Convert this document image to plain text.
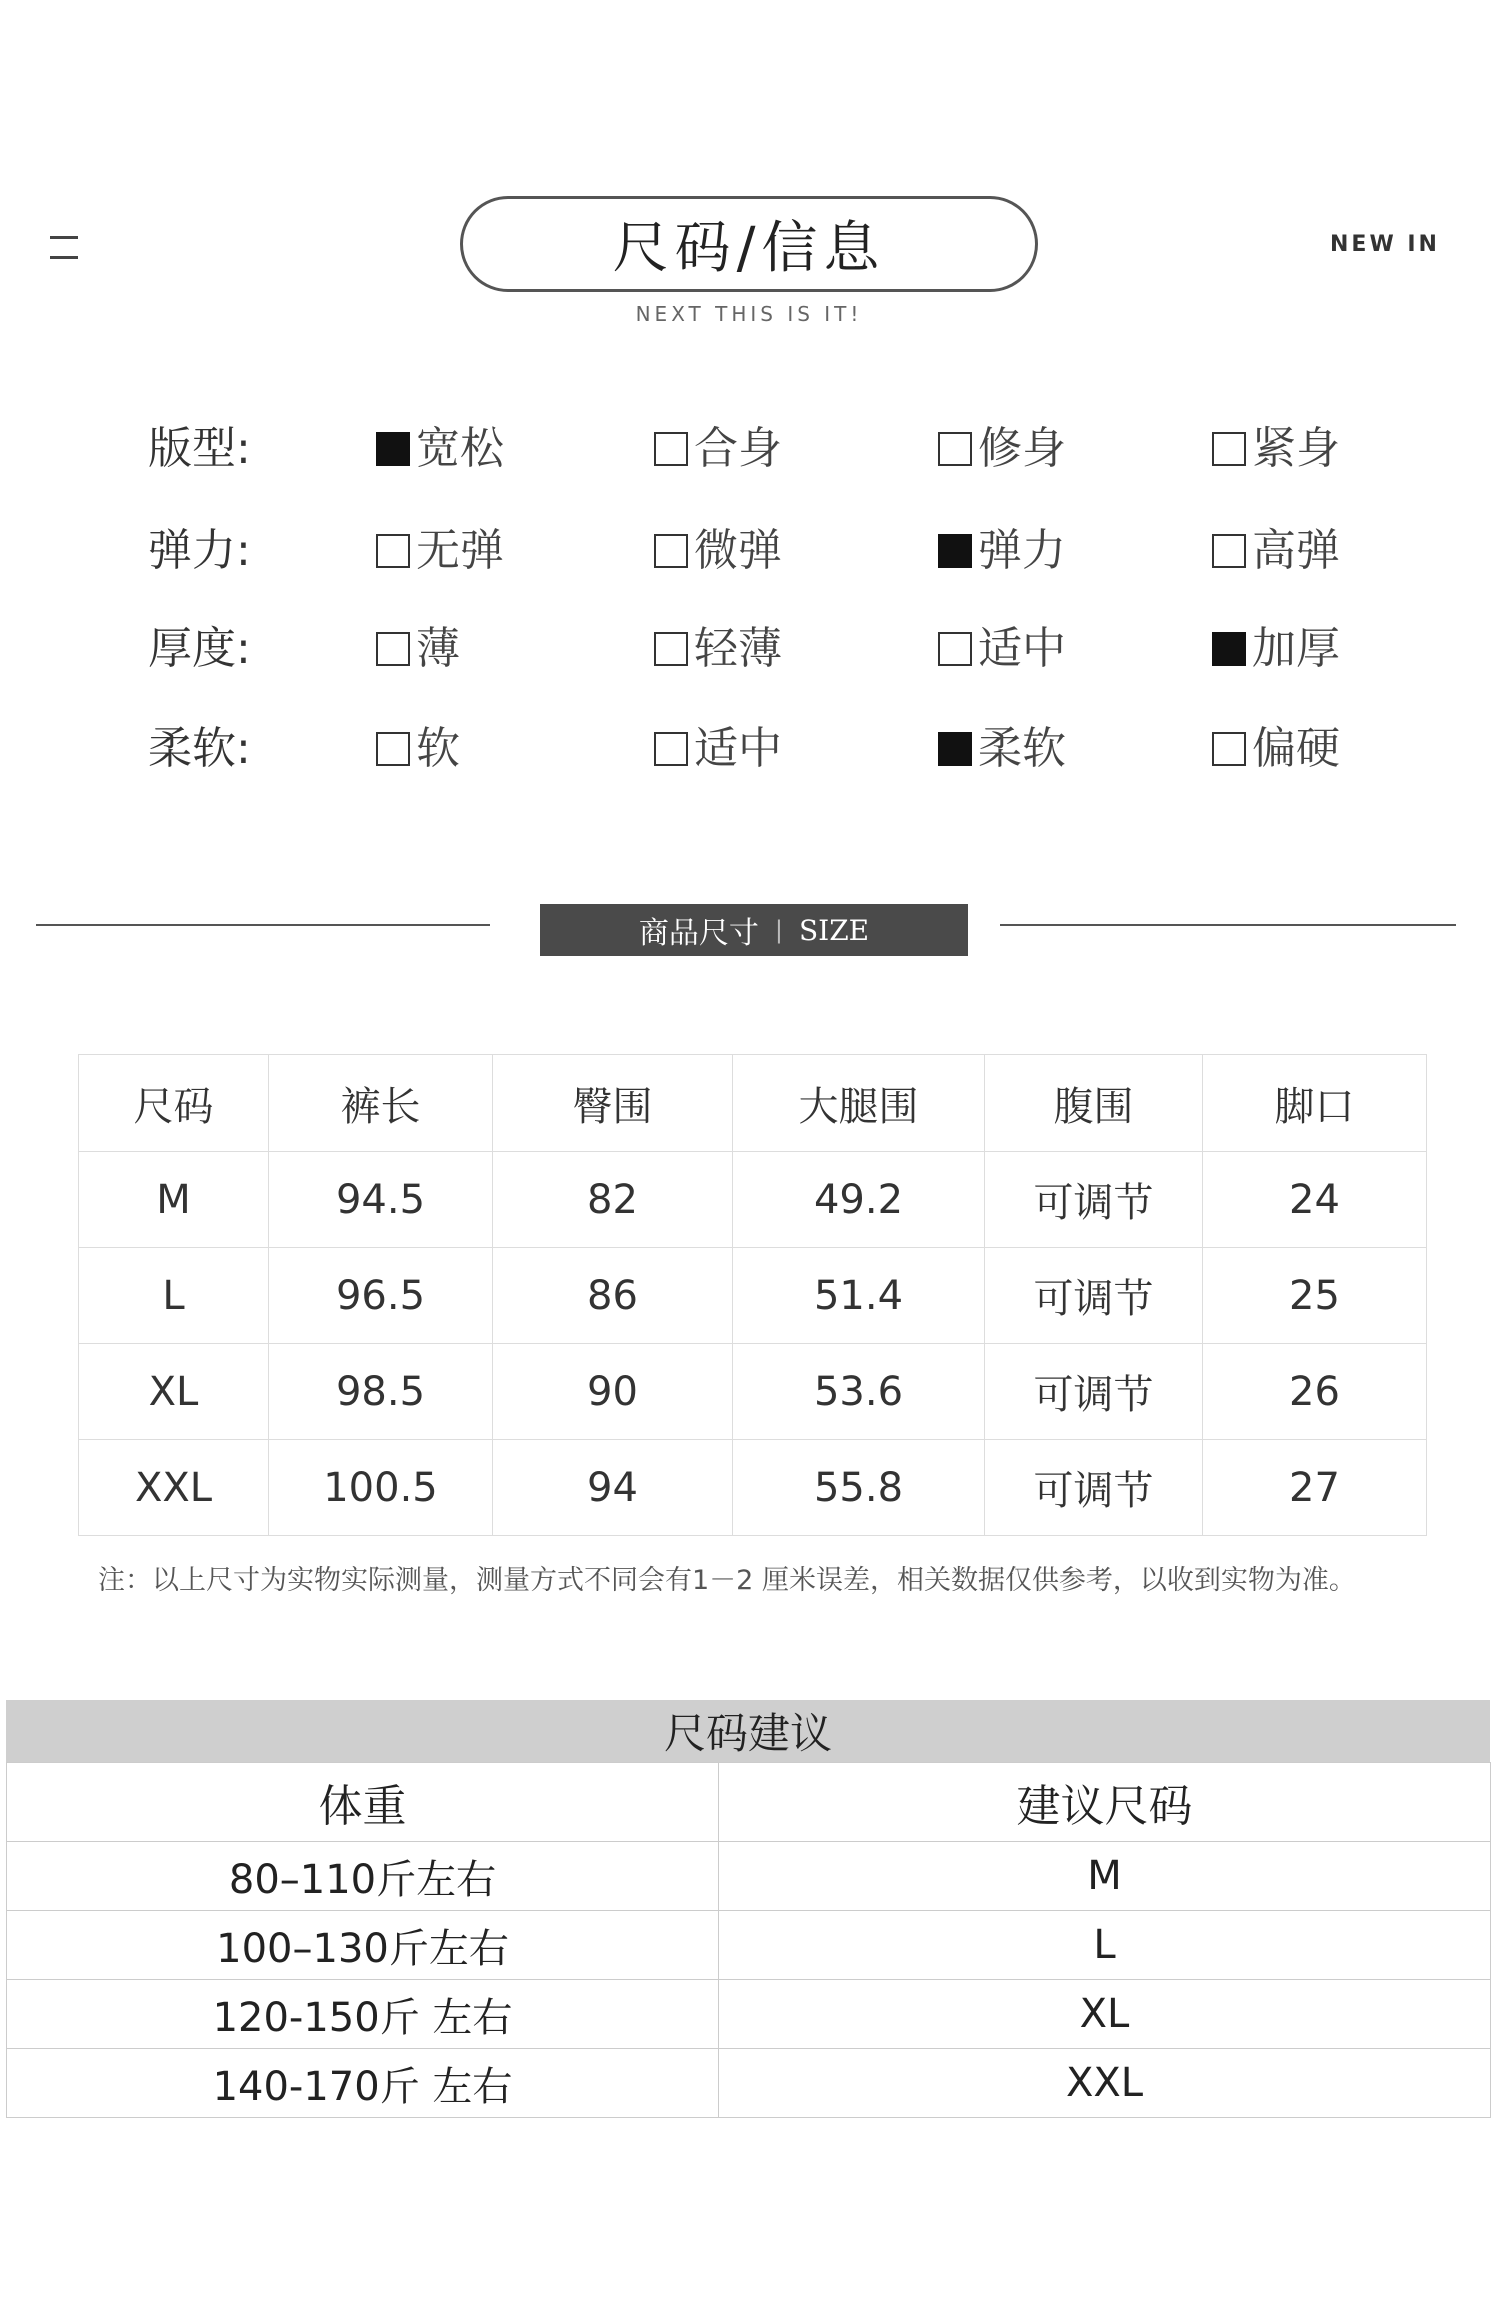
尺码/信息
NEXT THIS IS IT!
NEW IN
版型:	宽松	合身	修身	紧身
弹力:	无弹	微弹	弹力	高弹
厚度:	薄	轻薄	适中	加厚
柔软:	软	适中	柔软	偏硬
商品尺寸 | SIZE
尺码	裤长	臀围	大腿围	腹围	脚口
M	94.5	82	49.2	可调节	24
L	96.5	86	51.4	可调节	25
XL	98.5	90	53.6	可调节	26
XXL	100.5	94	55.8	可调节	27
注：以上尺寸为实物实际测量，测量方式不同会有1－2 厘米误差，相关数据仅供参考，以收到实物为准。
尺码建议
体重	建议尺码
80–110斤左右	M
100–130斤左右	L
120-150斤 左右	XL
140-170斤 左右	XXL
